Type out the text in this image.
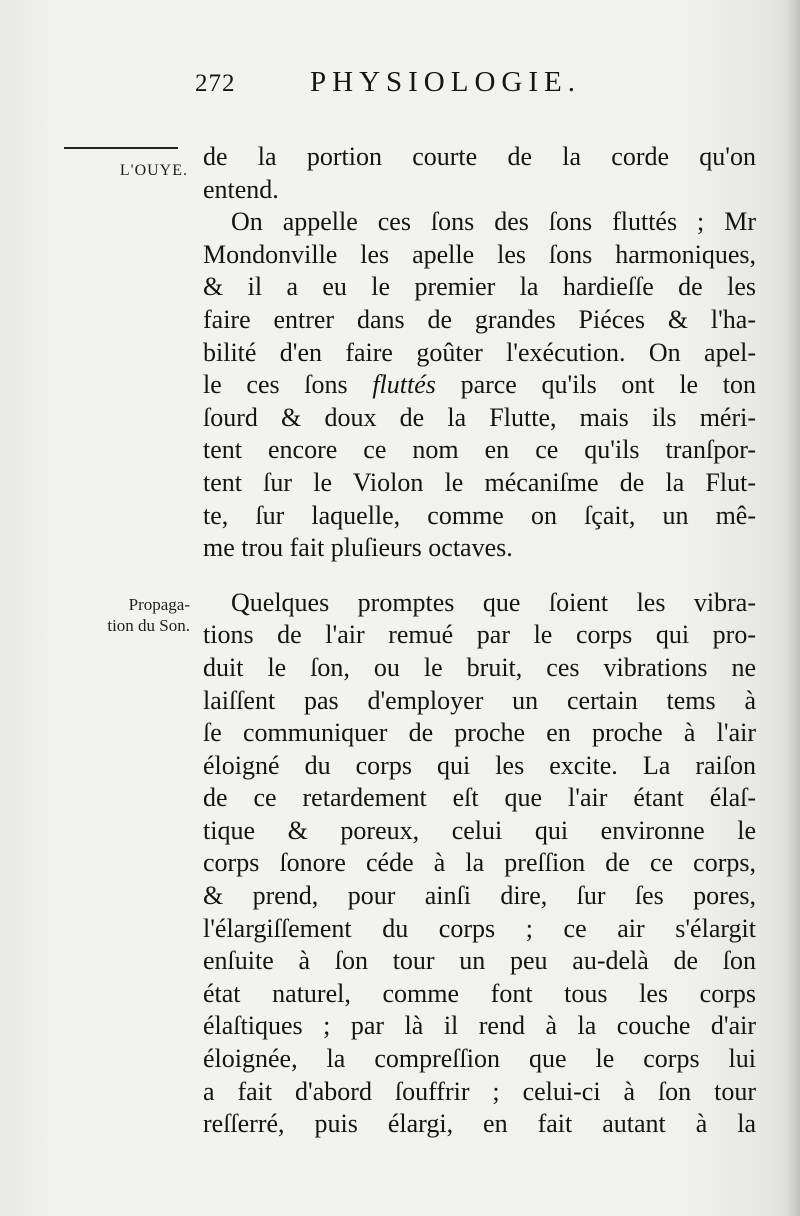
272	PHYSIOLOGIE.
L'OUYE.
Propaga-
tion du Son.
de la portion courte de la corde qu'on
entend.
On appelle ces ſons des ſons fluttés ; Mr
Mondonville les apelle les ſons harmoniques,
& il a eu le premier la hardieſſe de les
faire entrer dans de grandes Piéces & l'ha-
bilité d'en faire goûter l'exécution. On apel-
le ces ſons fluttés parce qu'ils ont le ton
ſourd & doux de la Flutte, mais ils méri-
tent encore ce nom en ce qu'ils tranſpor-
tent ſur le Violon le mécaniſme de la Flut-
te, ſur laquelle, comme on ſçait, un mê-
me trou fait pluſieurs octaves.
Quelques promptes que ſoient les vibra-
tions de l'air remué par le corps qui pro-
duit le ſon, ou le bruit, ces vibrations ne
laiſſent pas d'employer un certain tems à
ſe communiquer de proche en proche à l'air
éloigné du corps qui les excite. La raiſon
de ce retardement eſt que l'air étant élaſ-
tique & poreux, celui qui environne le
corps ſonore céde à la preſſion de ce corps,
& prend, pour ainſi dire, ſur ſes pores,
l'élargiſſement du corps ; ce air s'élargit
enſuite à ſon tour un peu au-delà de ſon
état naturel, comme font tous les corps
élaſtiques ; par là il rend à la couche d'air
éloignée, la compreſſion que le corps lui
a fait d'abord ſouffrir ; celui-ci à ſon tour
reſſerré, puis élargi, en fait autant à la
